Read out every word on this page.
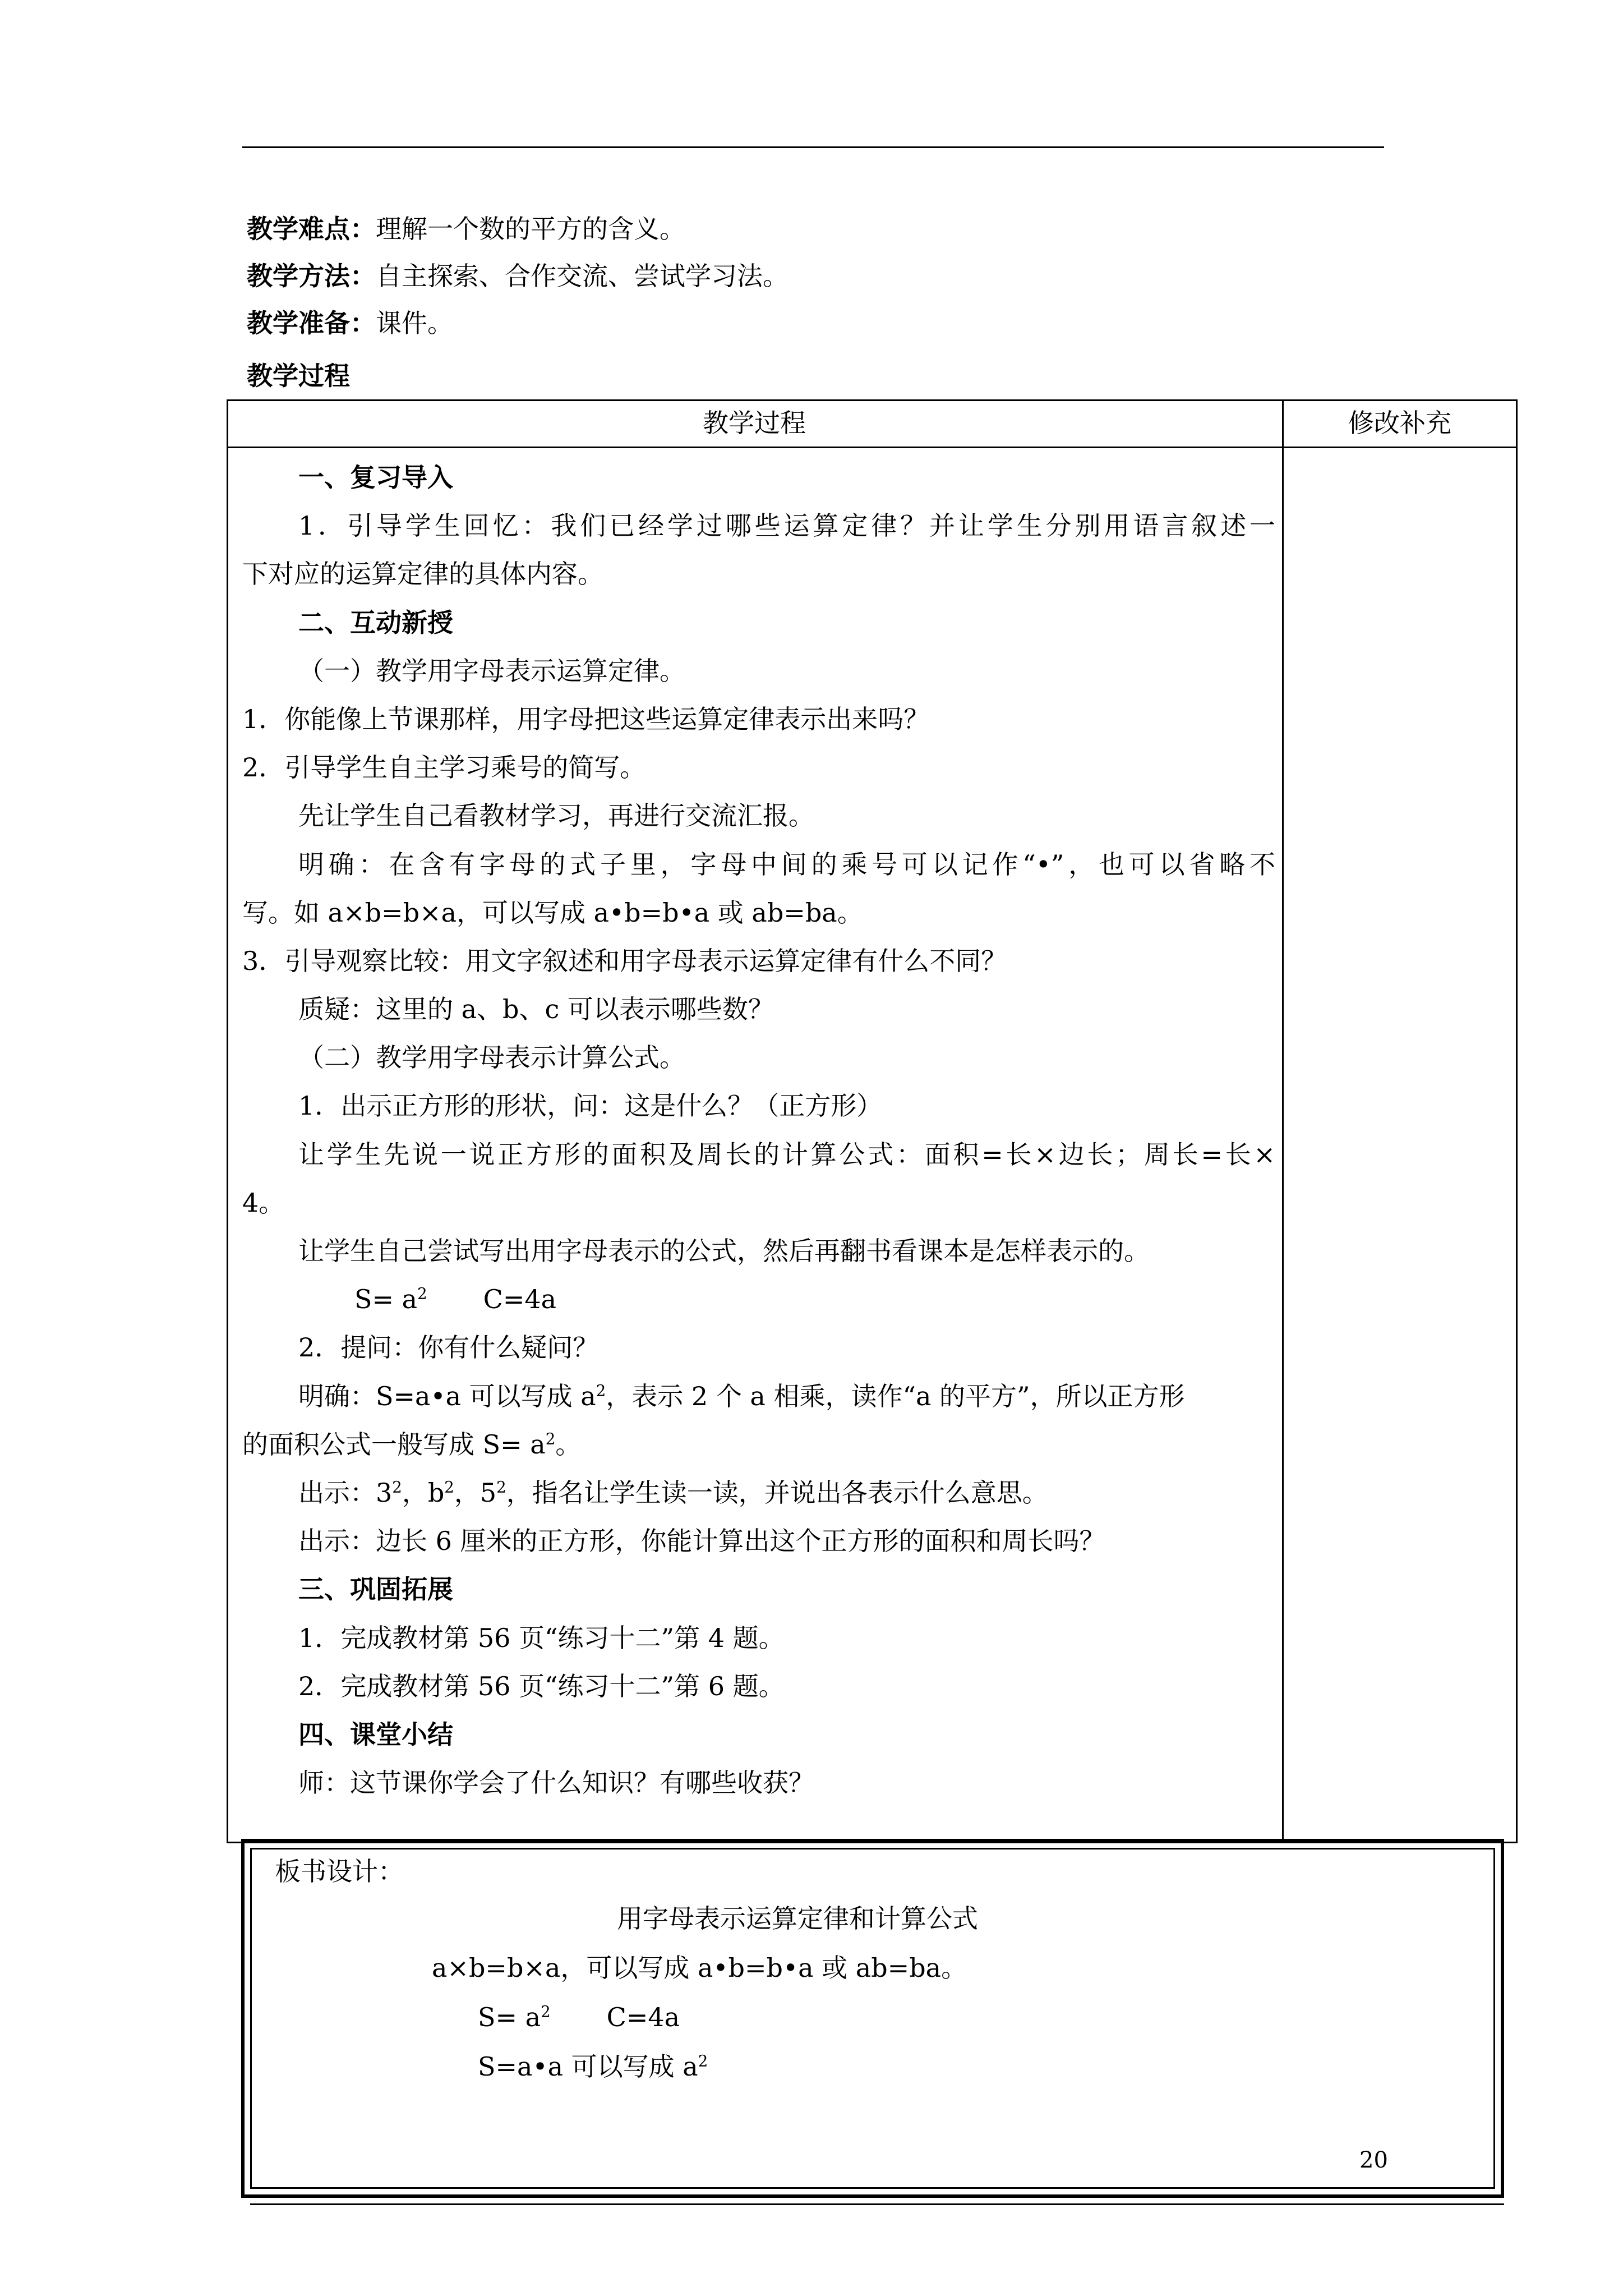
教学难点：理解一个数的平方的含义。
教学方法：自主探索、合作交流、尝试学习法。
教学准备：课件。
教学过程
教学过程	修改补充
一、复习导入
1．引导学生回忆：我们已经学过哪些运算定律？并让学生分别用语言叙述一
下对应的运算定律的具体内容。
二、互动新授
（一）教学用字母表示运算定律。
1．你能像上节课那样，用字母把这些运算定律表示出来吗？
2．引导学生自主学习乘号的简写。
先让学生自己看教材学习，再进行交流汇报。
明确：在含有字母的式子里，字母中间的乘号可以记作“•”，也可以省略不
写。如 a×b=b×a，可以写成 a•b=b•a 或 ab=ba。
3．引导观察比较：用文字叙述和用字母表示运算定律有什么不同？
质疑：这里的 a、b、c 可以表示哪些数？
（二）教学用字母表示计算公式。
1．出示正方形的形状，问：这是什么？（正方形）
让学生先说一说正方形的面积及周长的计算公式：面积=长×边长；周长=长×
4。
让学生自己尝试写出用字母表示的公式，然后再翻书看课本是怎样表示的。
$S= a^2$ C=4a
2．提问：你有什么疑问？
明确：S=a•a 可以写成 $a^2$，表示 2 个 a 相乘，读作“a 的平方”，所以正方形
的面积公式一般写成 $S= a^2$。
出示：$3^2$，$b^2$，$5^2$，指名让学生读一读，并说出各表示什么意思。
出示：边长 6 厘米的正方形，你能计算出这个正方形的面积和周长吗？
三、巩固拓展
1．完成教材第 56 页“练习十二”第 4 题。
2．完成教材第 56 页“练习十二”第 6 题。
四、课堂小结
师：这节课你学会了什么知识？有哪些收获？
板书设计：
用字母表示运算定律和计算公式
a×b=b×a，可以写成 a•b=b•a 或 ab=ba。
$S= a^2$ C=4a
S=a•a 可以写成 $a^2$
20
